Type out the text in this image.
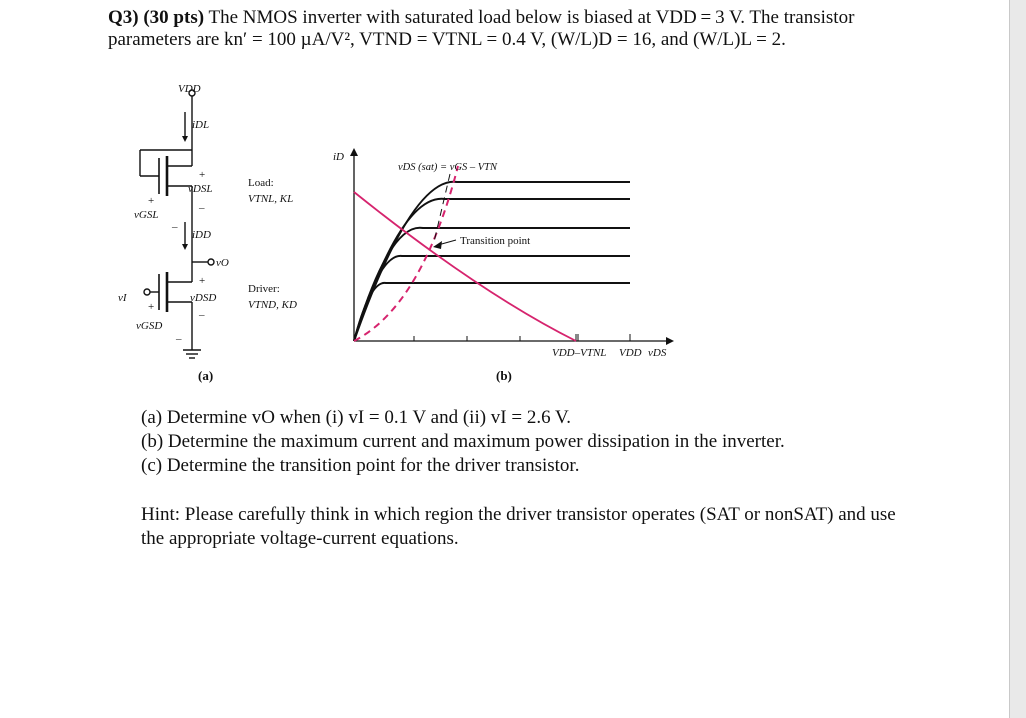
Q3) (30 pts) The NMOS inverter with saturated load below is biased at VDD = 3 V. The transistor
parameters are kn′ = 100 µA/V², VTND = VTNL = 0.4 V, (W/L)D = 16, and (W/L)L = 2.

VDD
iDL
vDSL
vGSL
iDD
vO
vI	vDSD
vGSD
+
–
+
–
+
–
+
–
Load:
Driver:
VTNL, KL
VTND, KD
(a)
iD
vDS (sat) = vGS – VTN
Transition point
VDD–VTNL VDD vDS
(b)
(a) Determine vO when (i) vI = 0.1 V and (ii) vI = 2.6 V.
(b) Determine the maximum current and maximum power dissipation in the inverter.
(c) Determine the transition point for the driver transistor.
Hint: Please carefully think in which region the driver transistor operates (SAT or nonSAT) and use the appropriate voltage-current equations.
